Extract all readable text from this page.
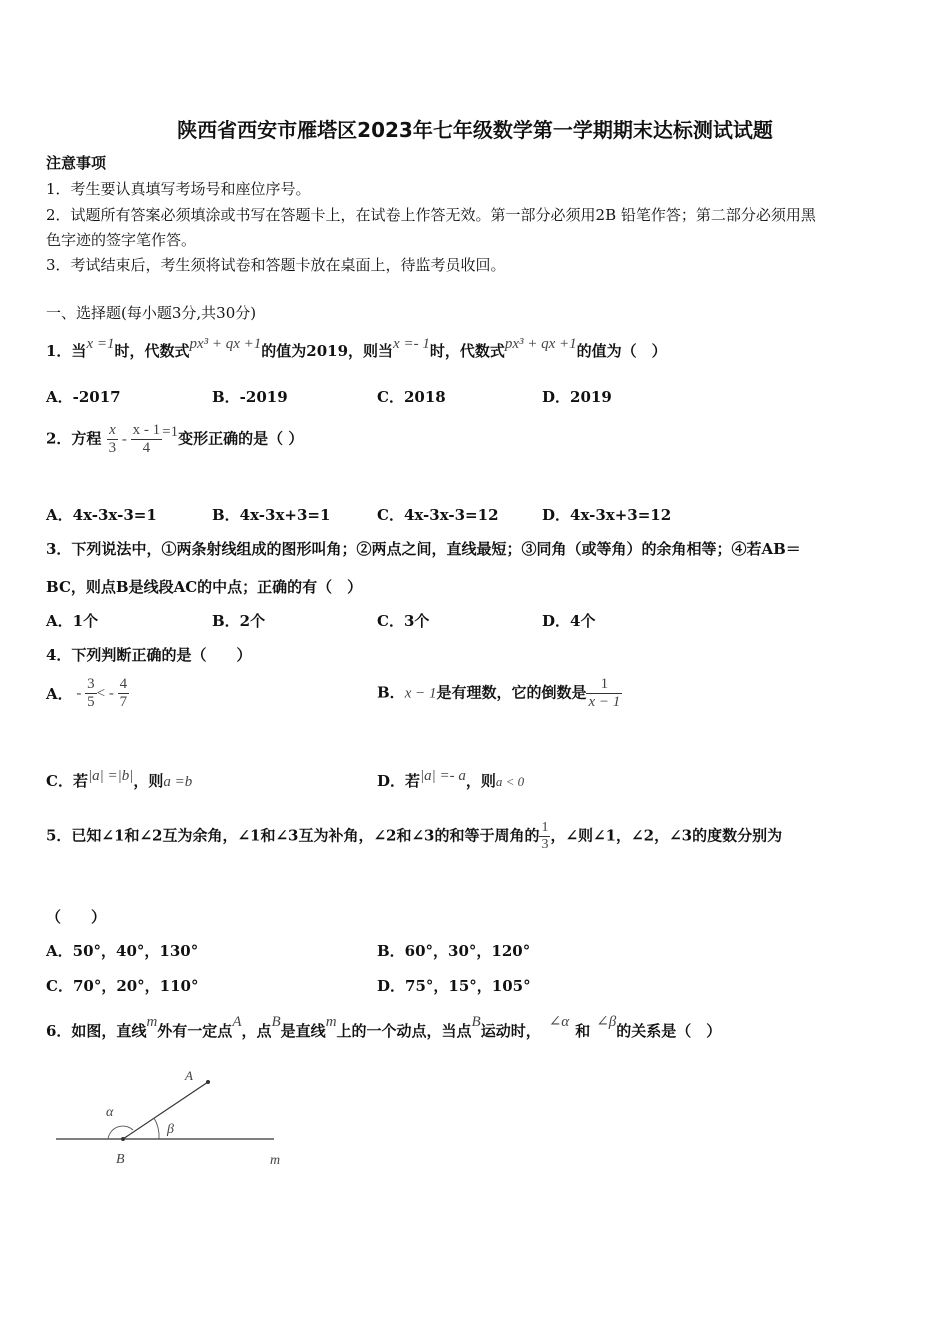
陕西省西安市雁塔区2023年七年级数学第一学期期末达标测试试题
注意事项
1．考生要认真填写考场号和座位序号。
2．试题所有答案必须填涂或书写在答题卡上，在试卷上作答无效。第一部分必须用2B 铅笔作答；第二部分必须用黑
色字迹的签字笔作答。
3．考试结束后，考生须将试卷和答题卡放在桌面上，待监考员收回。
一、选择题(每小题3分,共30分)
1．当x =1时，代数式px³ + qx +1的值为2019，则当x =- 1时，代数式px³ + qx +1的值为（　）
A．-2017	B．-2019	C．2018	D．2019
2．方程 $\frac{x}{3} - \frac{x - 1}{4} =1$变形正确的是（ ）
A．4x-3x-3=1	B．4x-3x+3=1	C．4x-3x-3=12	D．4x-3x+3=12
3．下列说法中，①两条射线组成的图形叫角；②两点之间，直线最短；③同角（或等角）的余角相等；④若AB＝
BC，则点B是线段AC的中点；正确的有（　）
A．1个	B．2个	C．3个	D．4个
4．下列判断正确的是（　　）
A． - $\frac{3}{5}$ < - $\frac{4}{7}$	B．x − 1是有理数，它的倒数是 $\frac{1}{x - 1}$
C．若|a| =|b|，则a =b	D．若|a| =- a，则a < 0
5．已知∠1和∠2互为余角，∠1和∠3互为补角，∠2和∠3的和等于周角的 $\frac{1}{3}$ ，∠则∠1，∠2，∠3的度数分别为
（　　）
A．50°，40°，130°	B．60°，30°，120°
C．70°，20°，110°	D．75°，15°，105°
6．如图，直线m外有一定点A，点B是直线m上的一个动点，当点B运动时， ∠α 和 ∠β的关系是（　）
A
B	m
α
β
